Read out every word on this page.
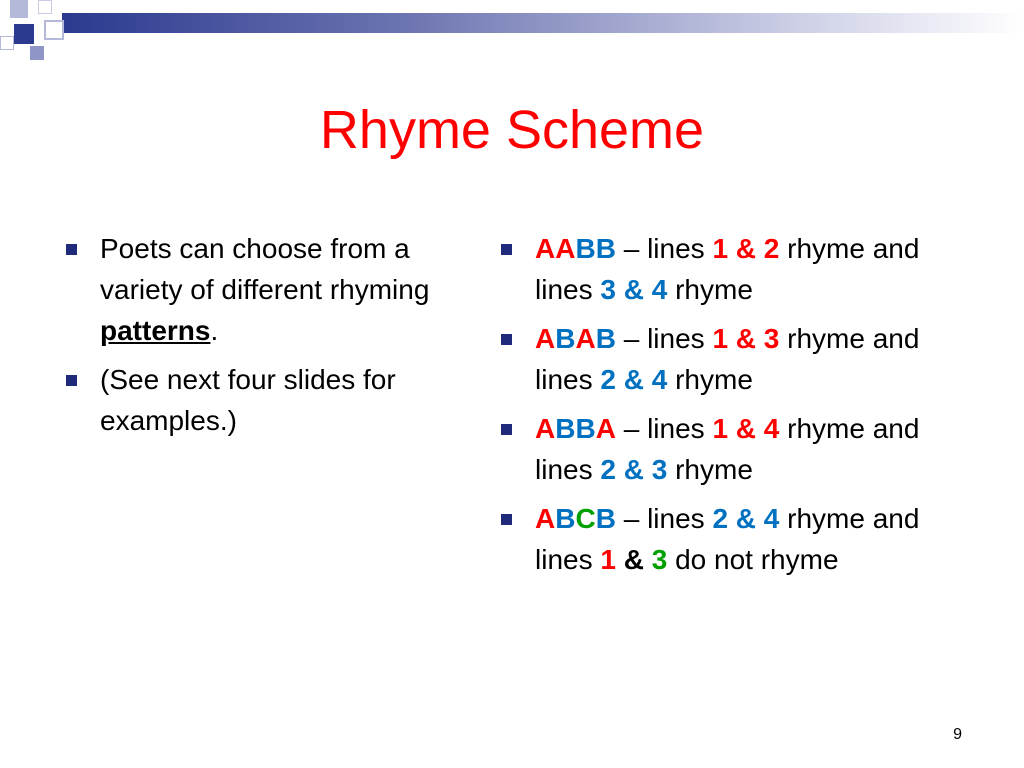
Rhyme Scheme
Poets can choose from a variety of different rhyming patterns.
(See next four slides for examples.)
AABB – lines 1 & 2 rhyme and lines 3 & 4 rhyme
ABAB – lines 1 & 3 rhyme and lines 2 & 4 rhyme
ABBA – lines 1 & 4 rhyme and lines 2 & 3 rhyme
ABCB – lines 2 & 4 rhyme and lines 1 & 3 do not rhyme
9
